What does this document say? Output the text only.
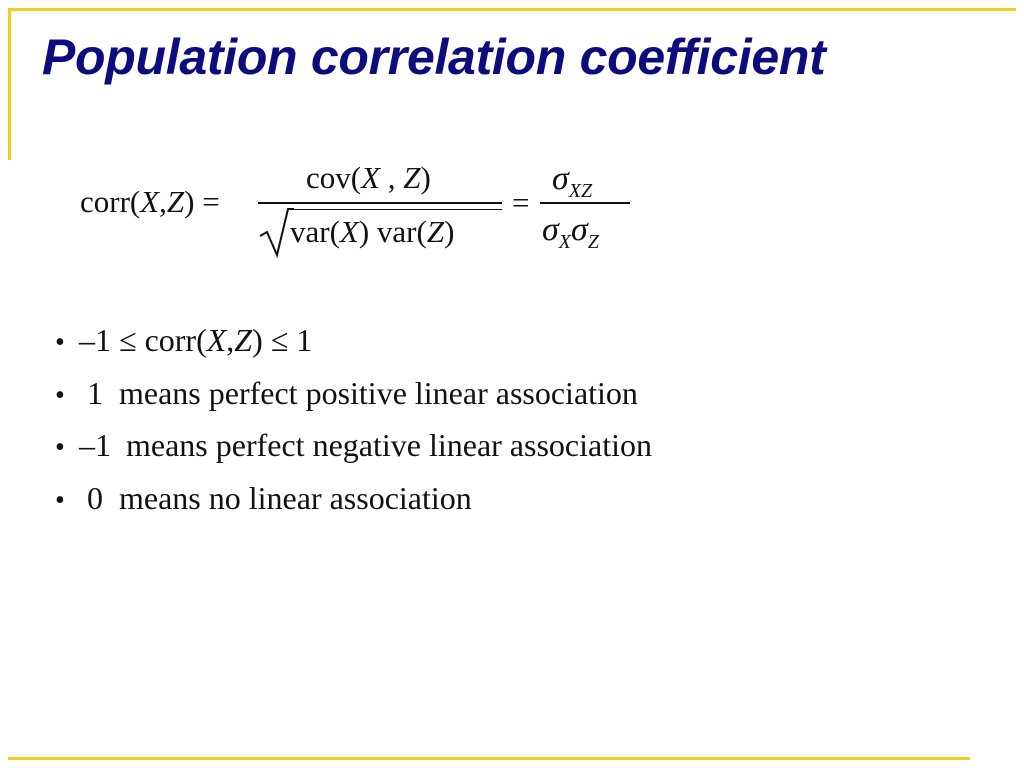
Population correlation coefficient
corr(X,Z) =
cov(X , Z)
var(X) var(Z)
=
$\sigma_{XZ}$
$\sigma_X\sigma_Z$
• –1 ≤ corr(X,Z) ≤ 1
• 1 means perfect positive linear association
• –1 means perfect negative linear association
• 0 means no linear association
